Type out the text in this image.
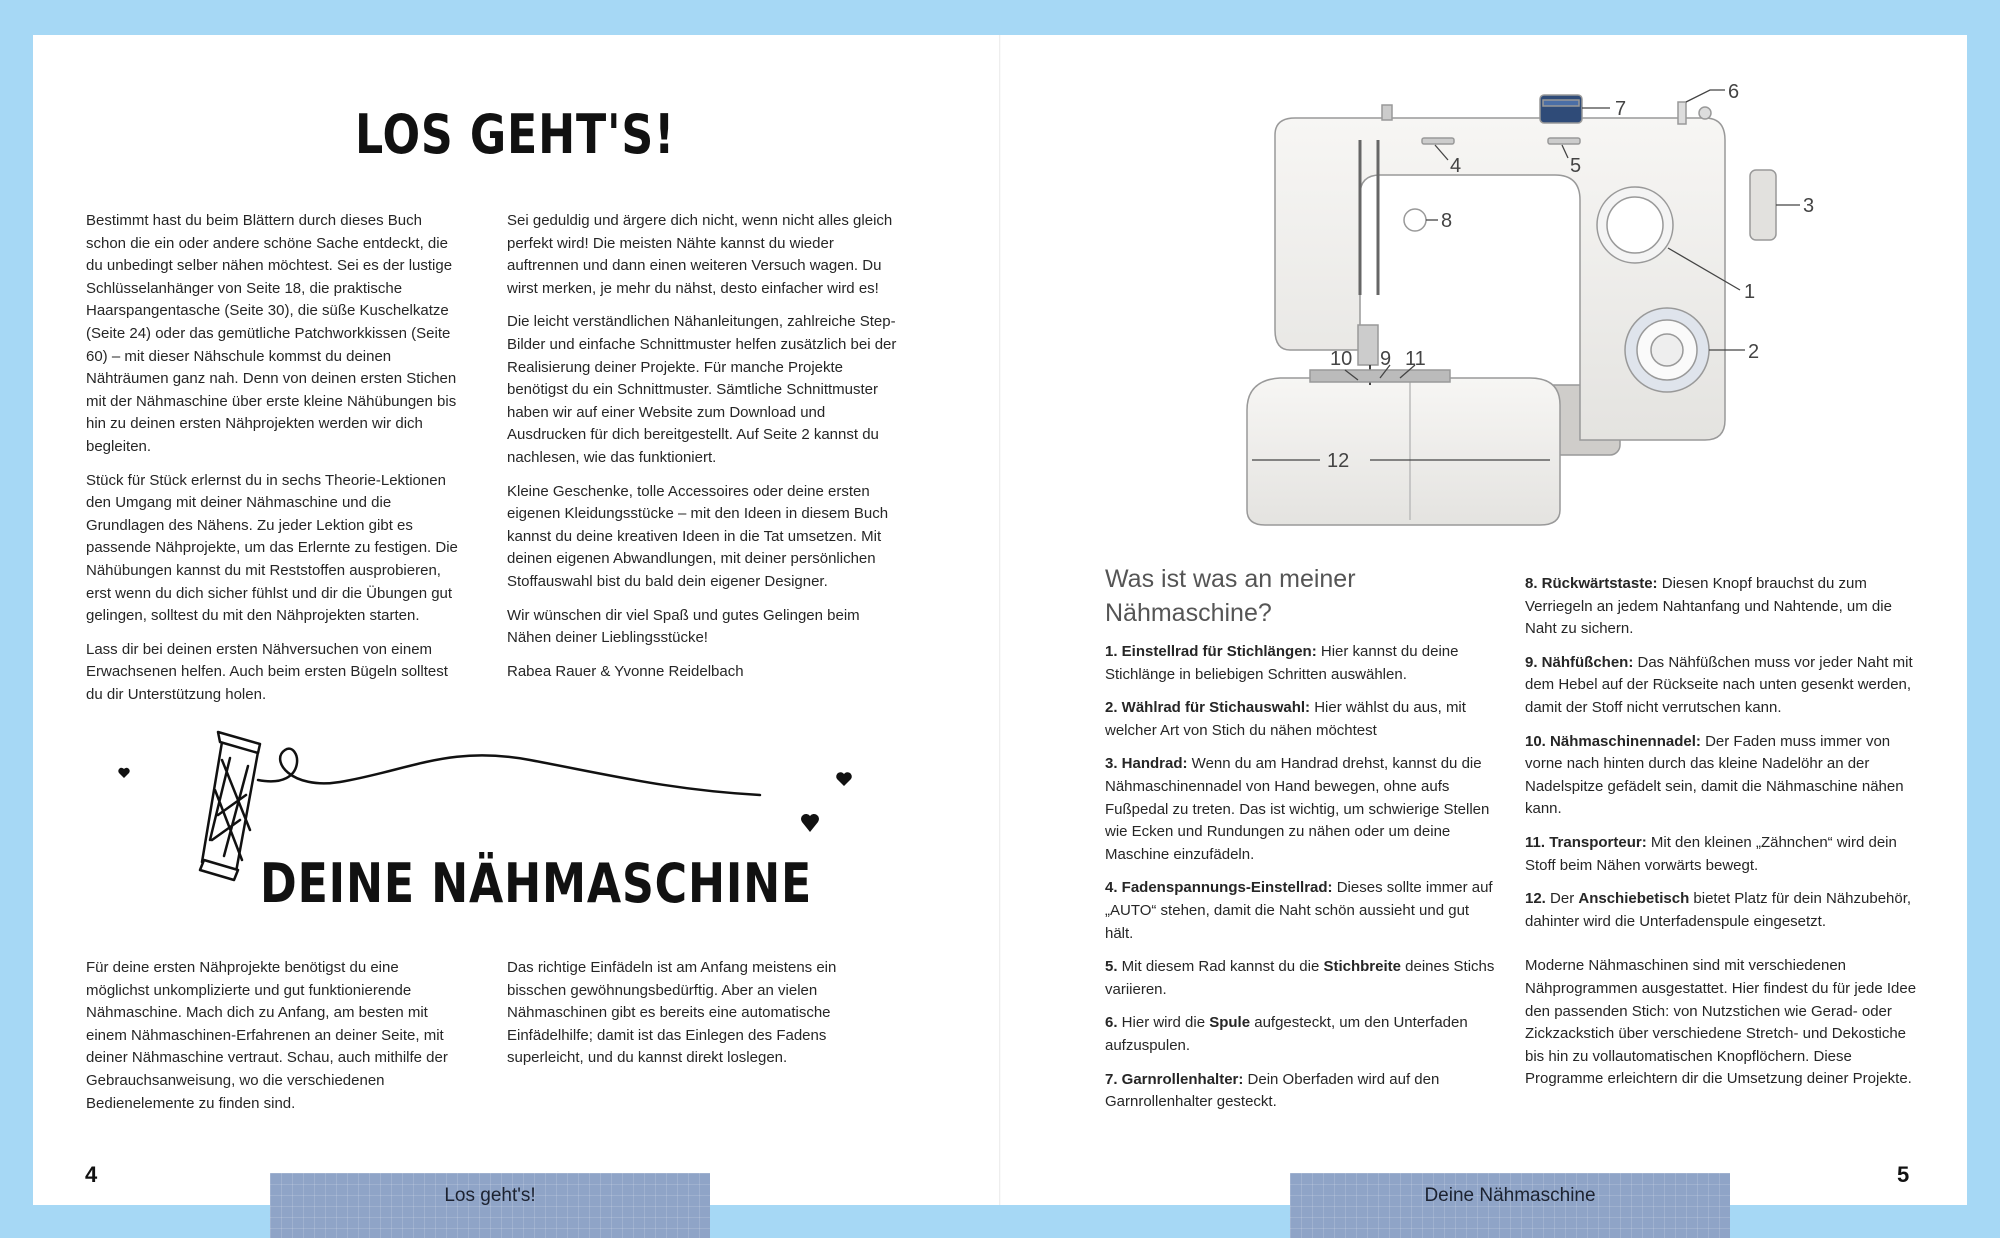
LOS GEHT'S!

Bestimmt hast du beim Blättern durch dieses Buch schon die ein oder andere schöne Sache entdeckt, die du unbedingt selber nähen möchtest. Sei es der lustige Schlüsselanhänger von Seite 18, die praktische Haarspangentasche (Seite 30), die süße Kuschelkatze (Seite 24) oder das gemütliche Patchworkkissen (Seite 60) – mit dieser Nähschule kommst du deinen Nähträumen ganz nah. Denn von deinen ersten Stichen mit der Nähmaschine über erste kleine Nähübungen bis hin zu deinen ersten Nähprojekten werden wir dich begleiten.

Stück für Stück erlernst du in sechs Theorie-Lektionen den Umgang mit deiner Nähmaschine und die Grundlagen des Nähens. Zu jeder Lektion gibt es passende Nähprojekte, um das Erlernte zu festigen. Die Nähübungen kannst du mit Reststoffen ausprobieren, erst wenn du dich sicher fühlst und dir die Übungen gut gelingen, solltest du mit den Nähprojekten starten.

Lass dir bei deinen ersten Nähversuchen von einem Erwachsenen helfen. Auch beim ersten Bügeln solltest du dir Unterstützung holen.

Sei geduldig und ärgere dich nicht, wenn nicht alles gleich perfekt wird! Die meisten Nähte kannst du wieder auftrennen und dann einen weiteren Versuch wagen. Du wirst merken, je mehr du nähst, desto einfacher wird es!

Die leicht verständlichen Nähanleitungen, zahlreiche Step-Bilder und einfache Schnittmuster helfen zusätzlich bei der Realisierung deiner Projekte. Für manche Projekte benötigst du ein Schnittmuster. Sämtliche Schnittmuster haben wir auf einer Website zum Download und Ausdrucken für dich bereitgestellt. Auf Seite 2 kannst du nachlesen, wie das funktioniert.

Kleine Geschenke, tolle Accessoires oder deine ersten eigenen Kleidungsstücke – mit den Ideen in diesem Buch kannst du deine kreativen Ideen in die Tat umsetzen. Mit deinen eigenen Abwandlungen, mit deiner persönlichen Stoffauswahl bist du bald dein eigener Designer.

Wir wünschen dir viel Spaß und gutes Gelingen beim Nähen deiner Lieblingsstücke!

Rabea Rauer & Yvonne Reidelbach

DEINE NÄHMASCHINE

Für deine ersten Nähprojekte benötigst du eine möglichst unkomplizierte und gut funktionierende Nähmaschine. Mach dich zu Anfang, am besten mit einem Nähmaschinen-Erfahrenen an deiner Seite, mit deiner Nähmaschine vertraut. Schau, auch mithilfe der Gebrauchsanweisung, wo die verschiedenen Bedienelemente zu finden sind.

Das richtige Einfädeln ist am Anfang meistens ein bisschen gewöhnungsbedürftig. Aber an vielen Nähmaschinen gibt es bereits eine automatische Einfädelhilfe; damit ist das Einlegen des Fadens superleicht, und du kannst direkt loslegen.

4
Los geht's!
7
6
3
4	5
8
1
2
12
10 9 11
Was ist was an meiner
Nähmaschine?

1. Einstellrad für Stichlängen: Hier kannst du deine Stichlänge in beliebigen Schritten auswählen.

2. Wählrad für Stichauswahl: Hier wählst du aus, mit welcher Art von Stich du nähen möchtest

3. Handrad: Wenn du am Handrad drehst, kannst du die Nähmaschinennadel von Hand bewegen, ohne aufs Fußpedal zu treten. Das ist wichtig, um schwierige Stellen wie Ecken und Rundungen zu nähen oder um deine Maschine einzufädeln.

4. Fadenspannungs-Einstellrad: Dieses sollte immer auf „AUTO“ stehen, damit die Naht schön aussieht und gut hält.

5. Mit diesem Rad kannst du die Stichbreite deines Stichs variieren.

6. Hier wird die Spule aufgesteckt, um den Unterfaden aufzuspulen.

7. Garnrollenhalter: Dein Oberfaden wird auf den Garnrollenhalter gesteckt.

8. Rückwärtstaste: Diesen Knopf brauchst du zum Verriegeln an jedem Nahtanfang und Nahtende, um die Naht zu sichern.

9. Nähfüßchen: Das Nähfüßchen muss vor jeder Naht mit dem Hebel auf der Rückseite nach unten gesenkt werden, damit der Stoff nicht verrutschen kann.

10. Nähmaschinennadel: Der Faden muss immer von vorne nach hinten durch das kleine Nadelöhr an der Nadelspitze gefädelt sein, damit die Nähmaschine nähen kann.

11. Transporteur: Mit den kleinen „Zähnchen“ wird dein Stoff beim Nähen vorwärts bewegt.

12. Der Anschiebetisch bietet Platz für dein Nähzubehör, dahinter wird die Unterfadenspule eingesetzt.

Moderne Nähmaschinen sind mit verschiedenen Nähprogrammen ausgestattet. Hier findest du für jede Idee den passenden Stich: von Nutzstichen wie Gerad- oder Zickzackstich über verschiedene Stretch- und Dekostiche bis hin zu vollautomatischen Knopflöchern. Diese Programme erleichtern dir die Umsetzung deiner Projekte.

5
Deine Nähmaschine
